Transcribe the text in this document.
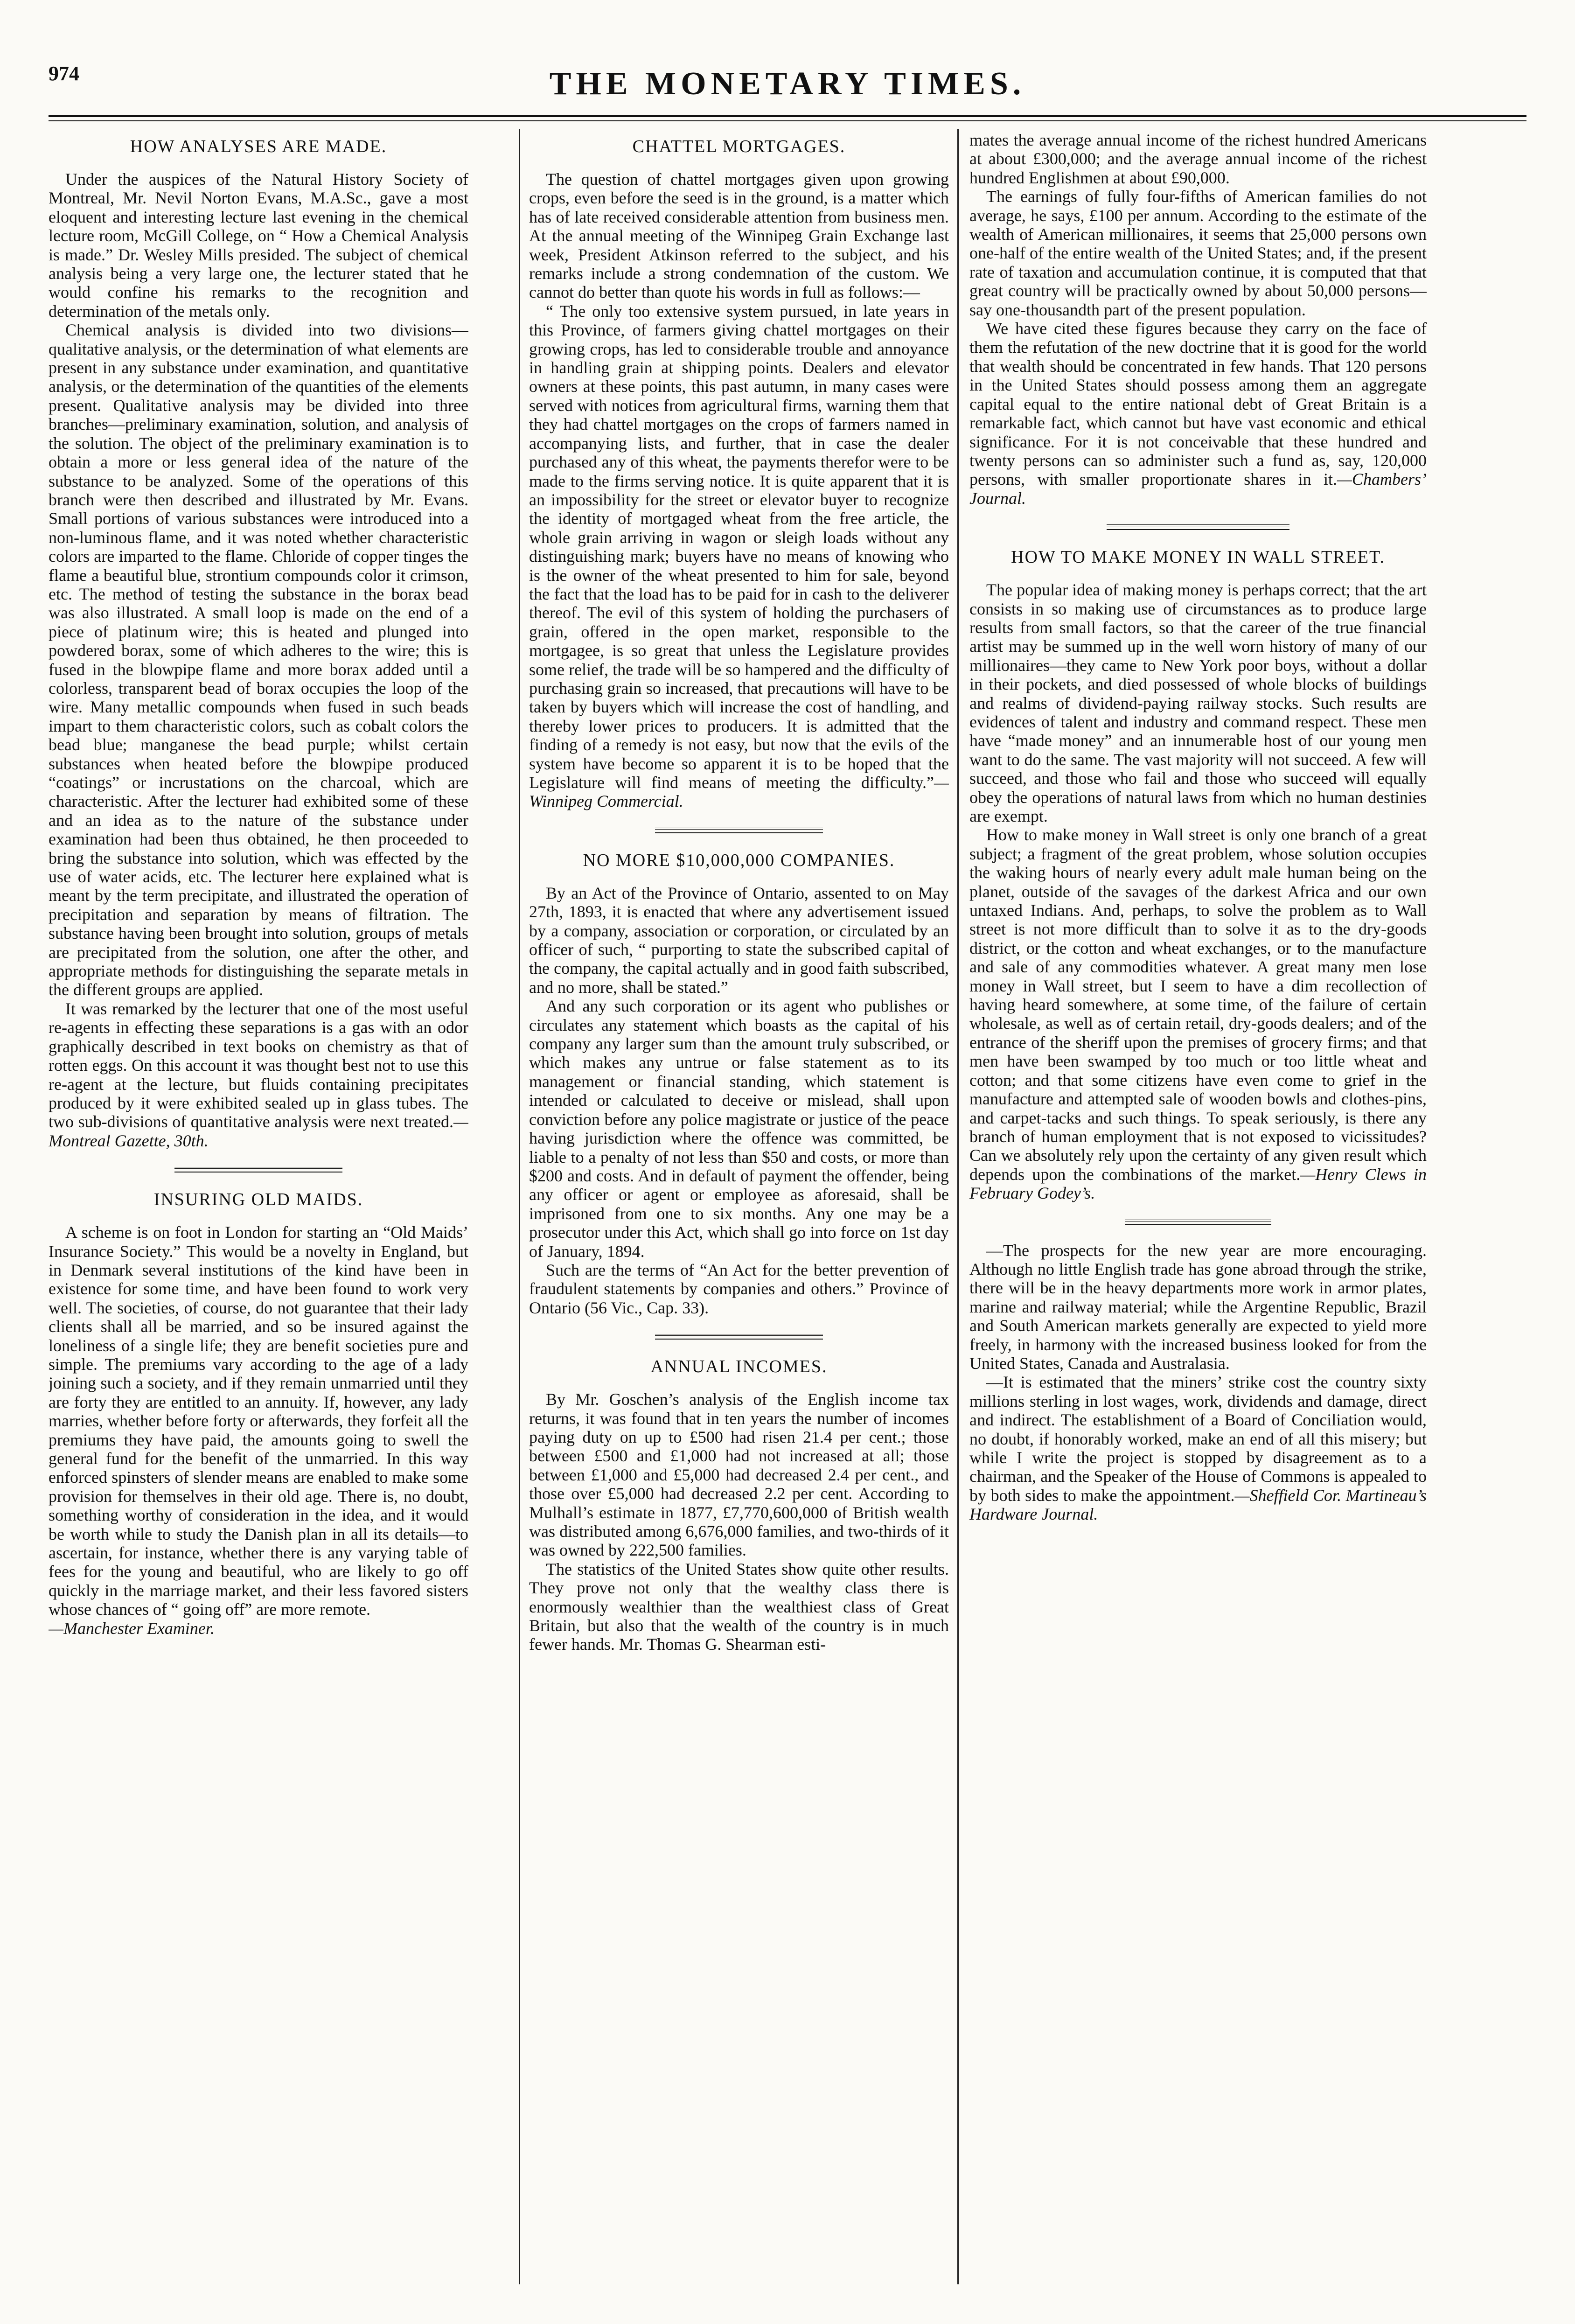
974	THE MONETARY TIMES.
HOW ANALYSES ARE MADE.

Under the auspices of the Natural History Society of Montreal, Mr. Nevil Norton Evans, M.A.Sc., gave a most eloquent and interesting lecture last evening in the chemical lecture room, McGill College, on “ How a Chemical Analysis is made.” Dr. Wesley Mills presided. The subject of chemical analysis being a very large one, the lecturer stated that he would confine his remarks to the recognition and determination of the metals only.

Chemical analysis is divided into two divisions—qualitative analysis, or the determination of what elements are present in any substance under examination, and quantitative analysis, or the determination of the quantities of the elements present. Qualitative analysis may be divided into three branches—preliminary examination, solution, and analysis of the solution. The object of the preliminary examination is to obtain a more or less general idea of the nature of the substance to be analyzed. Some of the operations of this branch were then described and illustrated by Mr. Evans. Small portions of various substances were introduced into a non-luminous flame, and it was noted whether characteristic colors are imparted to the flame. Chloride of copper tinges the flame a beautiful blue, strontium compounds color it crimson, etc. The method of testing the substance in the borax bead was also illustrated. A small loop is made on the end of a piece of platinum wire; this is heated and plunged into powdered borax, some of which adheres to the wire; this is fused in the blowpipe flame and more borax added until a colorless, transparent bead of borax occupies the loop of the wire. Many metallic compounds when fused in such beads impart to them characteristic colors, such as cobalt colors the bead blue; manganese the bead purple; whilst certain substances when heated before the blowpipe produced “coatings” or incrustations on the charcoal, which are characteristic. After the lecturer had exhibited some of these and an idea as to the nature of the substance under examination had been thus obtained, he then proceeded to bring the substance into solution, which was effected by the use of water acids, etc. The lecturer here explained what is meant by the term precipitate, and illustrated the operation of precipitation and separation by means of filtration. The substance having been brought into solution, groups of metals are precipitated from the solution, one after the other, and appropriate methods for distinguishing the separate metals in the different groups are applied.

It was remarked by the lecturer that one of the most useful re-agents in effecting these separations is a gas with an odor graphically described in text books on chemistry as that of rotten eggs. On this account it was thought best not to use this re-agent at the lecture, but fluids containing precipitates produced by it were exhibited sealed up in glass tubes. The two sub-divisions of quantitative analysis were next treated.—Montreal Gazette, 30th.

INSURING OLD MAIDS.

A scheme is on foot in London for starting an “Old Maids’ Insurance Society.” This would be a novelty in England, but in Denmark several institutions of the kind have been in existence for some time, and have been found to work very well. The societies, of course, do not guarantee that their lady clients shall all be married, and so be insured against the loneliness of a single life; they are benefit societies pure and simple. The premiums vary according to the age of a lady joining such a society, and if they remain unmarried until they are forty they are entitled to an annuity. If, however, any lady marries, whether before forty or afterwards, they forfeit all the premiums they have paid, the amounts going to swell the general fund for the benefit of the unmarried. In this way enforced spinsters of slender means are enabled to make some provision for themselves in their old age. There is, no doubt, something worthy of consideration in the idea, and it would be worth while to study the Danish plan in all its details—to ascertain, for instance, whether there is any varying table of fees for the young and beautiful, who are likely to go off quickly in the marriage market, and their less favored sisters whose chances of “ going off” are more remote.

—Manchester Examiner.

CHATTEL MORTGAGES.

The question of chattel mortgages given upon growing crops, even before the seed is in the ground, is a matter which has of late received considerable attention from business men. At the annual meeting of the Winnipeg Grain Exchange last week, President Atkinson referred to the subject, and his remarks include a strong condemnation of the custom. We cannot do better than quote his words in full as follows:—

“ The only too extensive system pursued, in late years in this Province, of farmers giving chattel mortgages on their growing crops, has led to considerable trouble and annoyance in handling grain at shipping points. Dealers and elevator owners at these points, this past autumn, in many cases were served with notices from agricultural firms, warning them that they had chattel mortgages on the crops of farmers named in accompanying lists, and further, that in case the dealer purchased any of this wheat, the payments therefor were to be made to the firms serving notice. It is quite apparent that it is an impossibility for the street or elevator buyer to recognize the identity of mortgaged wheat from the free article, the whole grain arriving in wagon or sleigh loads without any distinguishing mark; buyers have no means of knowing who is the owner of the wheat presented to him for sale, beyond the fact that the load has to be paid for in cash to the deliverer thereof. The evil of this system of holding the purchasers of grain, offered in the open market, responsible to the mortgagee, is so great that unless the Legislature provides some relief, the trade will be so hampered and the difficulty of purchasing grain so increased, that precautions will have to be taken by buyers which will increase the cost of handling, and thereby lower prices to producers. It is admitted that the finding of a remedy is not easy, but now that the evils of the system have become so apparent it is to be hoped that the Legislature will find means of meeting the difficulty.”—Winnipeg Commercial.

NO MORE $10,000,000 COMPANIES.

By an Act of the Province of Ontario, assented to on May 27th, 1893, it is enacted that where any advertisement issued by a company, association or corporation, or circulated by an officer of such, “ purporting to state the subscribed capital of the company, the capital actually and in good faith subscribed, and no more, shall be stated.”

And any such corporation or its agent who publishes or circulates any statement which boasts as the capital of his company any larger sum than the amount truly subscribed, or which makes any untrue or false statement as to its management or financial standing, which statement is intended or calculated to deceive or mislead, shall upon conviction before any police magistrate or justice of the peace having jurisdiction where the offence was committed, be liable to a penalty of not less than $50 and costs, or more than $200 and costs. And in default of payment the offender, being any officer or agent or employee as aforesaid, shall be imprisoned from one to six months. Any one may be a prosecutor under this Act, which shall go into force on 1st day of January, 1894.

Such are the terms of “An Act for the better prevention of fraudulent statements by companies and others.” Province of Ontario (56 Vic., Cap. 33).

ANNUAL INCOMES.

By Mr. Goschen’s analysis of the English income tax returns, it was found that in ten years the number of incomes paying duty on up to £500 had risen 21.4 per cent.; those between £500 and £1,000 had not increased at all; those between £1,000 and £5,000 had decreased 2.4 per cent., and those over £5,000 had decreased 2.2 per cent. According to Mulhall’s estimate in 1877, £7,770,600,000 of British wealth was distributed among 6,676,000 families, and two-thirds of it was owned by 222,500 families.

The statistics of the United States show quite other results. They prove not only that the wealthy class there is enormously wealthier than the wealthiest class of Great Britain, but also that the wealth of the country is in much fewer hands. Mr. Thomas G. Shearman esti-

mates the average annual income of the richest hundred Americans at about £300,000; and the average annual income of the richest hundred Englishmen at about £90,000.

The earnings of fully four-fifths of American families do not average, he says, £100 per annum. According to the estimate of the wealth of American millionaires, it seems that 25,000 persons own one-half of the entire wealth of the United States; and, if the present rate of taxation and accumulation continue, it is computed that that great country will be practically owned by about 50,000 persons—say one-thousandth part of the present population.

We have cited these figures because they carry on the face of them the refutation of the new doctrine that it is good for the world that wealth should be concentrated in few hands. That 120 persons in the United States should possess among them an aggregate capital equal to the entire national debt of Great Britain is a remarkable fact, which cannot but have vast economic and ethical significance. For it is not conceivable that these hundred and twenty persons can so administer such a fund as, say, 120,000 persons, with smaller proportionate shares in it.—Chambers’ Journal.

HOW TO MAKE MONEY IN WALL STREET.

The popular idea of making money is perhaps correct; that the art consists in so making use of circumstances as to produce large results from small factors, so that the career of the true financial artist may be summed up in the well worn history of many of our millionaires—they came to New York poor boys, without a dollar in their pockets, and died possessed of whole blocks of buildings and realms of dividend-paying railway stocks. Such results are evidences of talent and industry and command respect. These men have “made money” and an innumerable host of our young men want to do the same. The vast majority will not succeed. A few will succeed, and those who fail and those who succeed will equally obey the operations of natural laws from which no human destinies are exempt.

How to make money in Wall street is only one branch of a great subject; a fragment of the great problem, whose solution occupies the waking hours of nearly every adult male human being on the planet, outside of the savages of the darkest Africa and our own untaxed Indians. And, perhaps, to solve the problem as to Wall street is not more difficult than to solve it as to the dry-goods district, or the cotton and wheat exchanges, or to the manufacture and sale of any commodities whatever. A great many men lose money in Wall street, but I seem to have a dim recollection of having heard somewhere, at some time, of the failure of certain wholesale, as well as of certain retail, dry-goods dealers; and of the entrance of the sheriff upon the premises of grocery firms; and that men have been swamped by too much or too little wheat and cotton; and that some citizens have even come to grief in the manufacture and attempted sale of wooden bowls and clothes-pins, and carpet-tacks and such things. To speak seriously, is there any branch of human employment that is not exposed to vicissitudes? Can we absolutely rely upon the certainty of any given result which depends upon the combinations of the market.—Henry Clews in February Godey’s.

—The prospects for the new year are more encouraging. Although no little English trade has gone abroad through the strike, there will be in the heavy departments more work in armor plates, marine and railway material; while the Argentine Republic, Brazil and South American markets generally are expected to yield more freely, in harmony with the increased business looked for from the United States, Canada and Australasia.

—It is estimated that the miners’ strike cost the country sixty millions sterling in lost wages, work, dividends and damage, direct and indirect. The establishment of a Board of Conciliation would, no doubt, if honorably worked, make an end of all this misery; but while I write the project is stopped by disagreement as to a chairman, and the Speaker of the House of Commons is appealed to by both sides to make the appointment.—Sheffield Cor. Martineau’s Hardware Journal.
